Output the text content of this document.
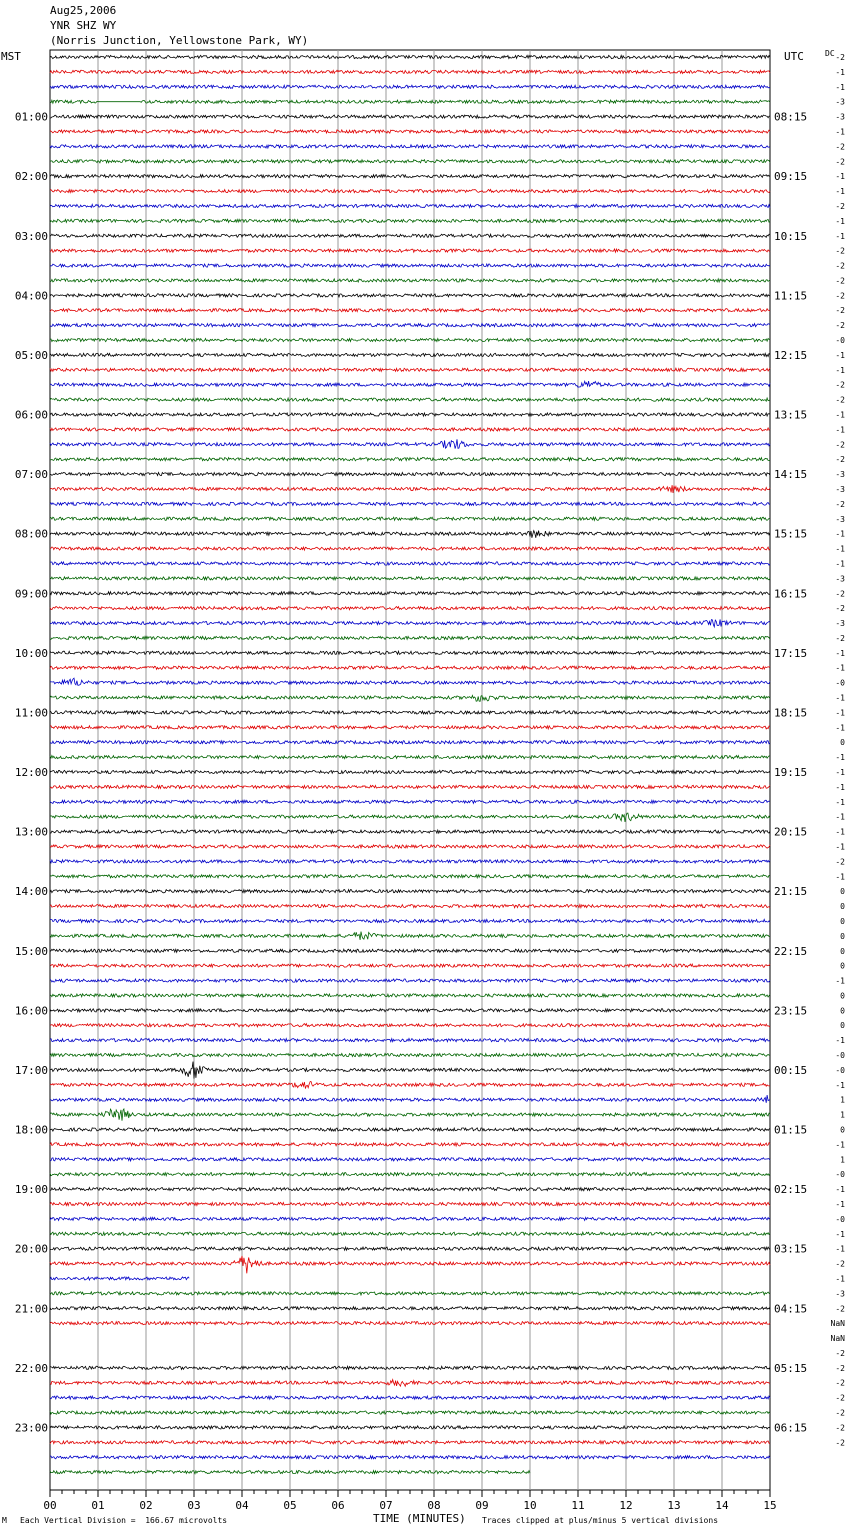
Aug25,2006
YNR SHZ WY
(Norris Junction, Yellowstone Park, WY)
MST	UTC	DC
00	01	02	03	04	05	06	07	08	09	10	11	12	13	14	15
01:00
02:00
03:00
04:00
05:00
06:00
07:00
08:00
09:00
10:00
11:00
12:00
13:00
14:00
15:00
16:00
17:00
18:00
19:00
20:00
21:00
22:00
23:00
08:15
09:15
10:15
11:15
12:15
13:15
14:15
15:15
16:15
17:15
18:15
19:15
20:15
21:15
22:15
23:15
00:15
01:15
02:15
03:15
04:15
05:15
06:15
-2
-1
-1
-3
-3
-1
-2
-2
-1
-1
-2
-1
-1
-2
-2
-2
-2
-2
-2
-0
-1
-1
-2
-2
-1
-1
-2
-2
-3
-3
-2
-3
-1
-1
-1
-3
-2
-2
-3
-2
-1
-1
-0
-1
-1
-1
0
-1
-1
-1
-1
-1
-1
-1
-2
-1
0
0
0
0
0
0
-1
0
0
0
-1
-0
-0
-1
1
1
0
-1
1
-0
-1
-1
-0
-1
-1
-2
-1
-3
-2
NaN
NaN
-2
-2
-2
-2
-2
-2
-2
M Each Vertical Division =  166.67 microvolts	TIME (MINUTES) Traces clipped at plus/minus 5 vertical divisions
